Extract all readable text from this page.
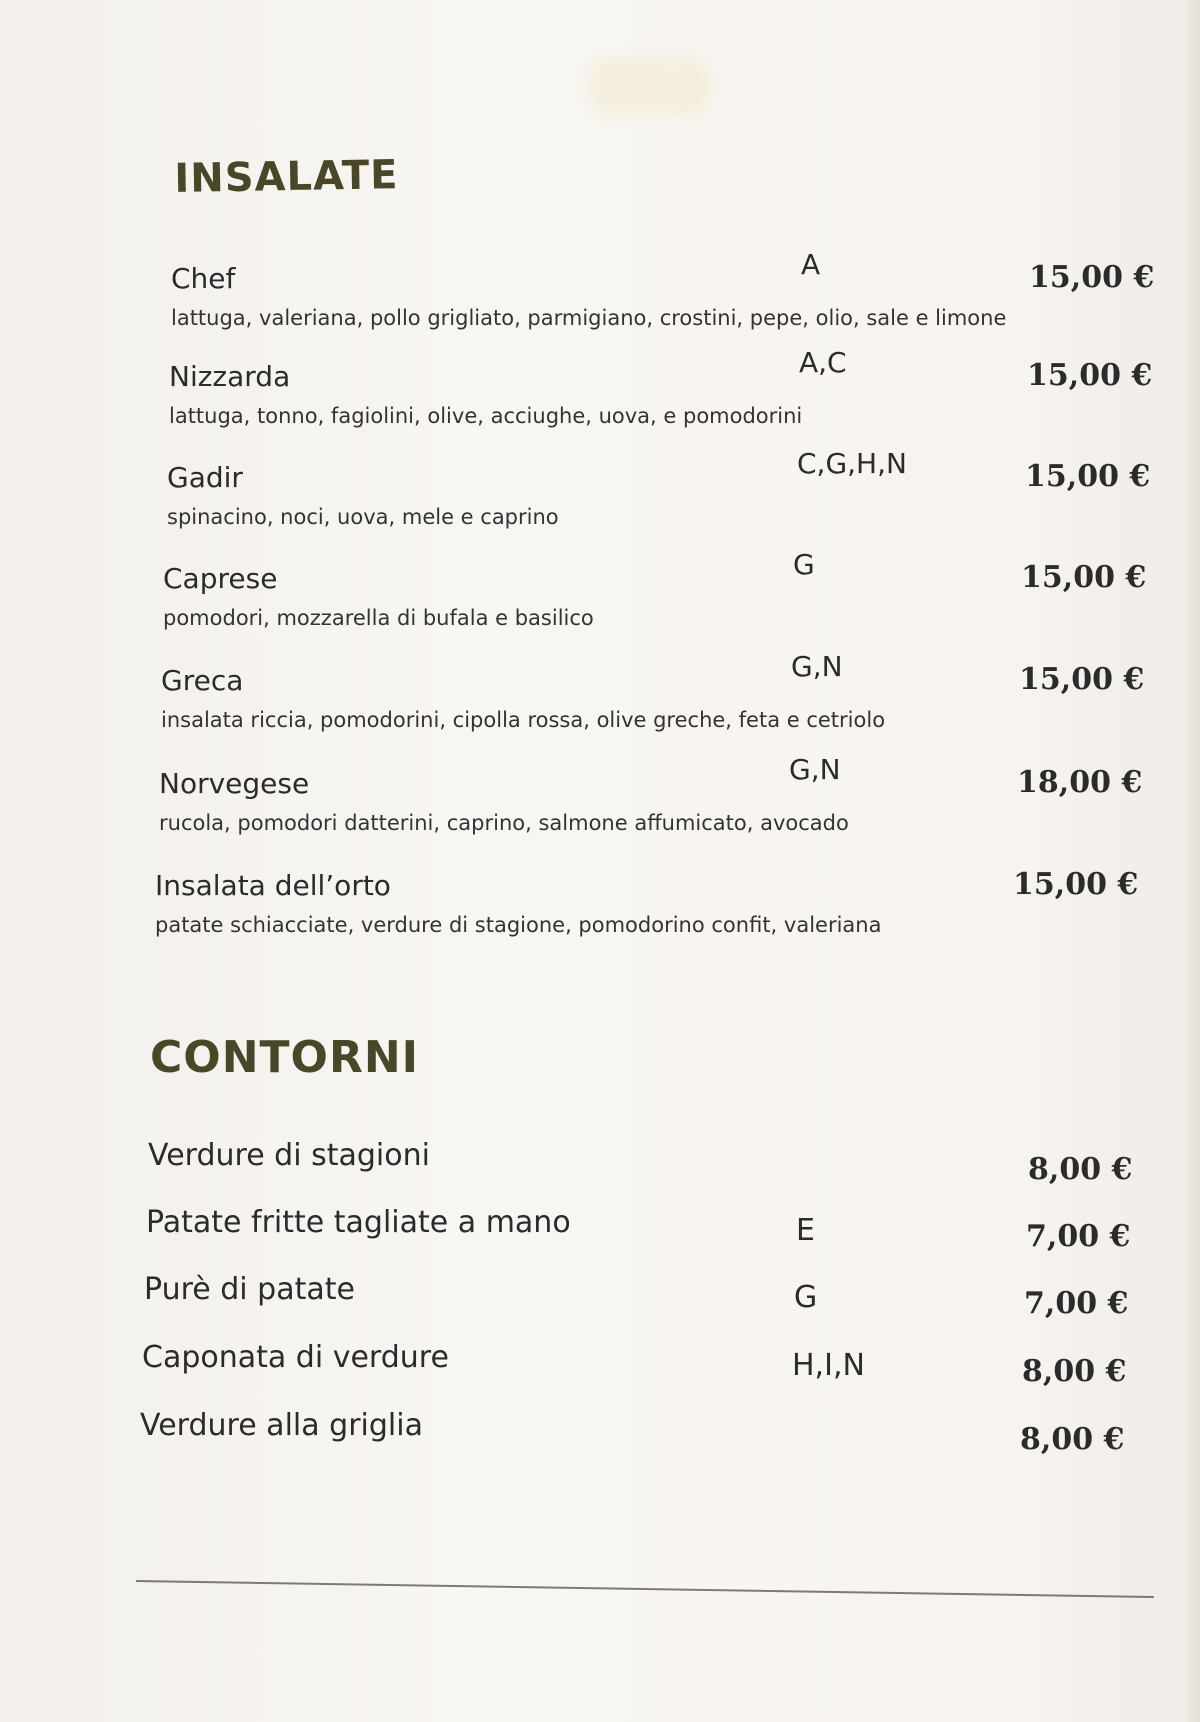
INSALATE
Chef	A	15,00 €
lattuga, valeriana, pollo grigliato, parmigiano, crostini, pepe, olio, sale e limone
Nizzarda	A,C	15,00 €
lattuga, tonno, fagiolini, olive, acciughe, uova, e pomodorini
Gadir	C,G,H,N	15,00 €
spinacino, noci, uova, mele e caprino
Caprese	G	15,00 €
pomodori, mozzarella di bufala e basilico
Greca	G,N	15,00 €
insalata riccia, pomodorini, cipolla rossa, olive greche, feta e cetriolo
Norvegese	G,N	18,00 €
rucola, pomodori datterini, caprino, salmone affumicato, avocado
Insalata dell’orto	15,00 €
patate schiacciate, verdure di stagione, pomodorino confit, valeriana
CONTORNI
Verdure di stagioni	8,00 €
Patate fritte tagliate a mano	E	7,00 €
Purè di patate	G	7,00 €
Caponata di verdure	H,I,N	8,00 €
Verdure alla griglia	8,00 €
